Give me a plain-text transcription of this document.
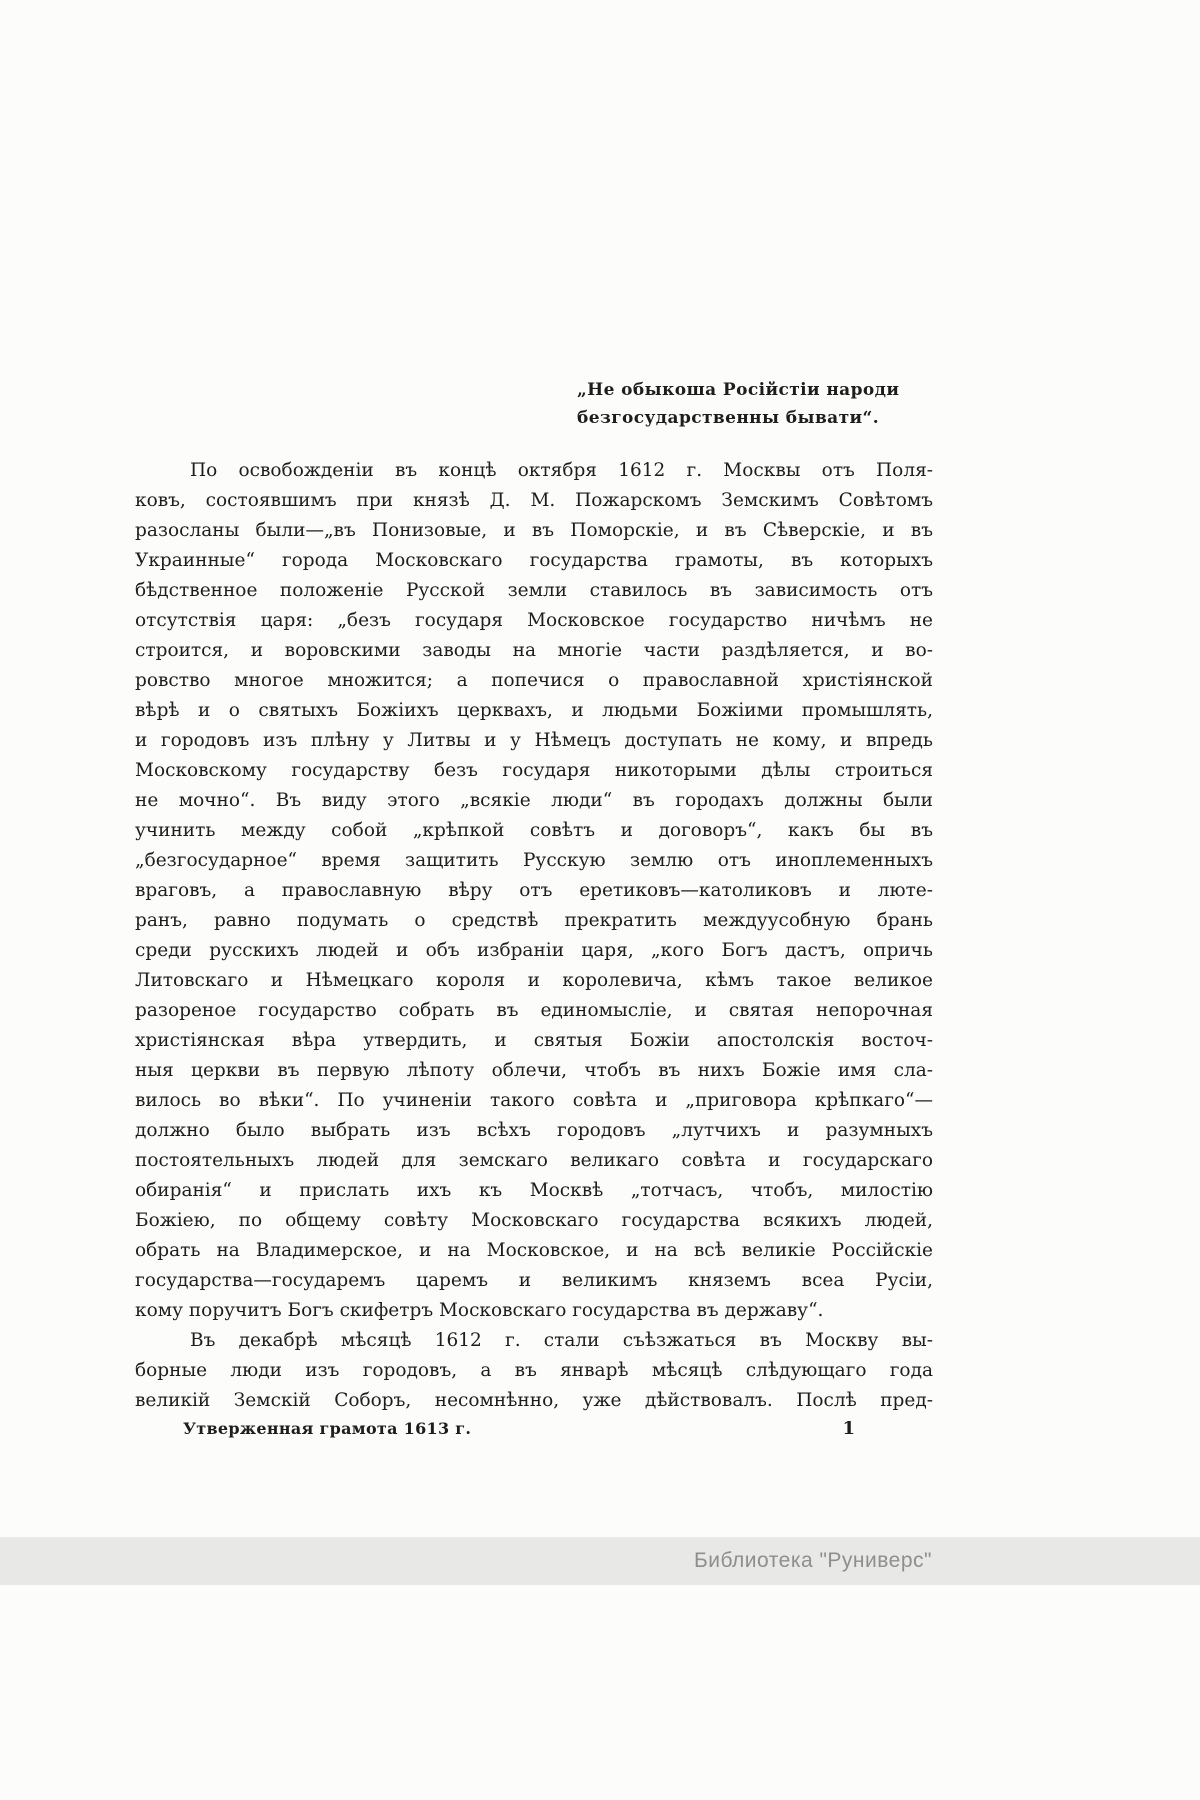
„Не обыкоша Російстіи народи
безгосударственны бывати“.
По освобожденіи въ концѣ октября 1612 г. Москвы отъ Поля-
ковъ, состоявшимъ при князѣ Д. М. Пожарскомъ Земскимъ Совѣтомъ
разосланы были—„въ Понизовые, и въ Поморскіе, и въ Сѣверскіе, и въ
Украинные“ города Московскаго государства грамоты, въ которыхъ
бѣдственное положеніе Русской земли ставилось въ зависимость отъ
отсутствія царя: „безъ государя Московское государство ничѣмъ не
строится, и воровскими заводы на многіе части раздѣляется, и во-
ровство многое множится; а попечися о православной христіянской
вѣрѣ и о святыхъ Божіихъ церквахъ, и людьми Божіими промышлять,
и городовъ изъ плѣну у Литвы и у Нѣмецъ доступать не кому, и впредь
Московскому государству безъ государя никоторыми дѣлы строиться
не мочно“. Въ виду этого „всякіе люди“ въ городахъ должны были
учинить между собой „крѣпкой совѣтъ и договоръ“, какъ бы въ
„безгосударное“ время защитить Русскую землю отъ иноплеменныхъ
враговъ, а православную вѣру отъ еретиковъ—католиковъ и люте-
ранъ, равно подумать о средствѣ прекратить междуусобную брань
среди русскихъ людей и объ избраніи царя, „кого Богъ дастъ, опричь
Литовскаго и Нѣмецкаго короля и королевича, кѣмъ такое великое
разореное государство собрать въ единомысліе, и святая непорочная
христіянская вѣра утвердить, и святыя Божіи апостолскія восточ-
ныя церкви въ первую лѣпоту облечи, чтобъ въ нихъ Божіе имя сла-
вилось во вѣки“. По учиненіи такого совѣта и „приговора крѣпкаго“—
должно было выбрать изъ всѣхъ городовъ „лутчихъ и разумныхъ
постоятельныхъ людей для земскаго великаго совѣта и государскаго
обиранія“ и прислать ихъ къ Москвѣ „тотчасъ, чтобъ, милостію
Божіею, по общему совѣту Московскаго государства всякихъ людей,
обрать на Владимерское, и на Московское, и на всѣ великіе Россійскіе
государства—государемъ царемъ и великимъ княземъ всеа Русіи,
кому поручитъ Богъ скифетръ Московскаго государства въ державу“.
Въ декабрѣ мѣсяцѣ 1612 г. стали съѣзжаться въ Москву вы-
борные люди изъ городовъ, а въ январѣ мѣсяцѣ слѣдующаго года
великій Земскій Соборъ, несомнѣнно, уже дѣйствовалъ. Послѣ пред-
Утверженная грамота 1613 г.	1
Библиотека "Руниверс"
